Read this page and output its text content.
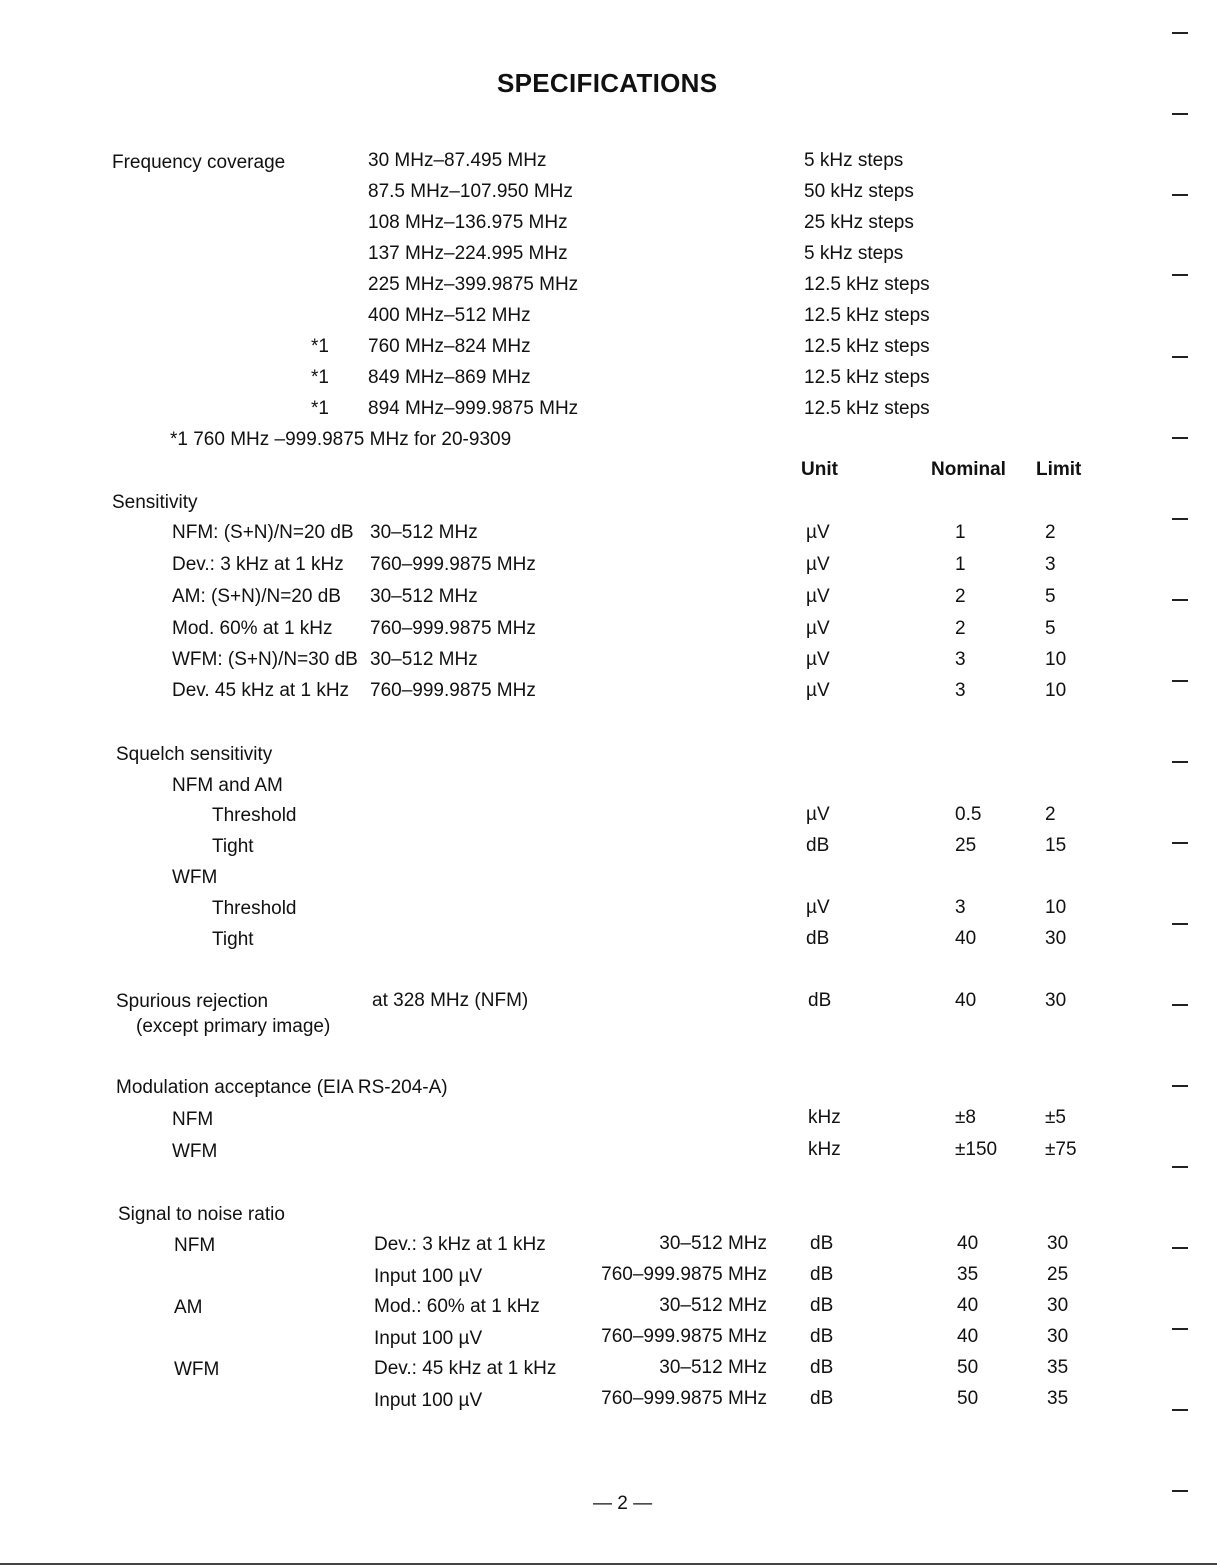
SPECIFICATIONS
Frequency coverage	30 MHz–87.495 MHz	5 kHz steps
87.5 MHz–107.950 MHz	50 kHz steps
108 MHz–136.975 MHz	25 kHz steps
137 MHz–224.995 MHz	5 kHz steps
225 MHz–399.9875 MHz	12.5 kHz steps
400 MHz–512 MHz	12.5 kHz steps
*1 760 MHz–824 MHz	12.5 kHz steps
*1 849 MHz–869 MHz	12.5 kHz steps
*1 894 MHz–999.9875 MHz	12.5 kHz steps
*1 760 MHz –999.9875 MHz for 20-9309
Unit	Nominal Limit
Sensitivity
NFM: (S+N)/N=20 dB 30–512 MHz	µV	1	2
Dev.: 3 kHz at 1 kHz 760–999.9875 MHz	µV	1	3
AM: (S+N)/N=20 dB 30–512 MHz	µV	2	5
Mod. 60% at 1 kHz 760–999.9875 MHz	µV	2	5
WFM: (S+N)/N=30 dB 30–512 MHz	µV	3	10
Dev. 45 kHz at 1 kHz 760–999.9875 MHz	µV	3	10
Squelch sensitivity
NFM and AM
Threshold	µV	0.5	2
Tight	dB	25	15
WFM
Threshold	µV	3	10
Tight	dB	40	30
Spurious rejection
(except primary image)
at 328 MHz (NFM)	dB	40	30
Modulation acceptance (EIA RS-204-A)
NFM	kHz	±8	±5
WFM	kHz	±150	±75
Signal to noise ratio
NFM	Dev.: 3 kHz at 1 kHz	30–512 MHz dB	40	30
Input 100 µV	760–999.9875 MHz dB	35	25
AM	Mod.: 60% at 1 kHz	30–512 MHz dB	40	30
Input 100 µV	760–999.9875 MHz dB	40	30
WFM	Dev.: 45 kHz at 1 kHz	30–512 MHz dB	50	35
Input 100 µV	760–999.9875 MHz dB	50	35
— 2 —
